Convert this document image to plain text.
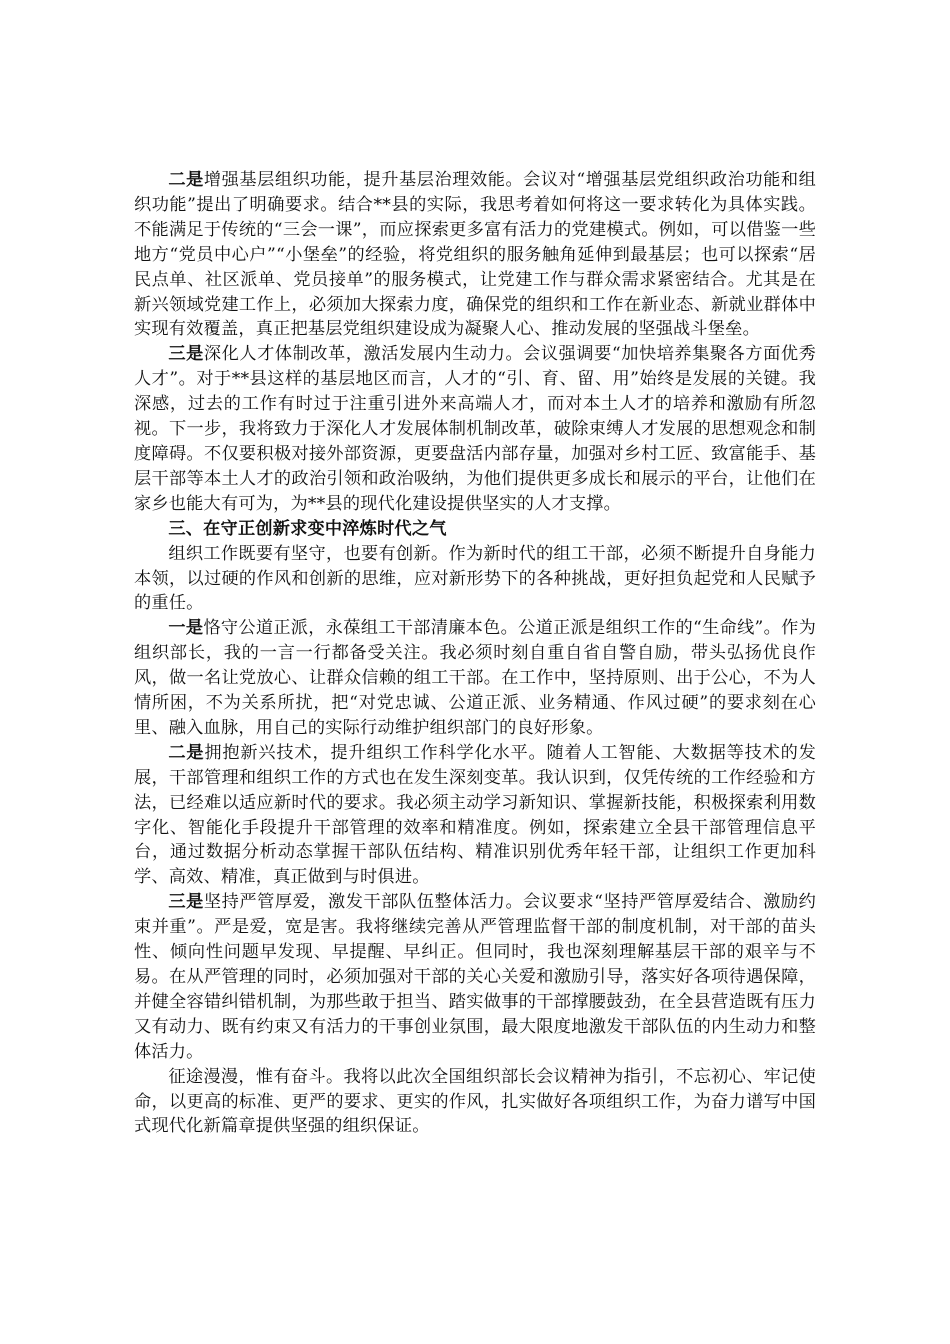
二是增强基层组织功能，提升基层治理效能。会议对“增强基层党组织政治功能和组织功能”提出了明确要求。结合**县的实际，我思考着如何将这一要求转化为具体实践。不能满足于传统的“三会一课”，而应探索更多富有活力的党建模式。例如，可以借鉴一些地方“党员中心户”“小堡垒”的经验，将党组织的服务触角延伸到最基层；也可以探索“居民点单、社区派单、党员接单”的服务模式，让党建工作与群众需求紧密结合。尤其是在新兴领域党建工作上，必须加大探索力度，确保党的组织和工作在新业态、新就业群体中实现有效覆盖，真正把基层党组织建设成为凝聚人心、推动发展的坚强战斗堡垒。

三是深化人才体制改革，激活发展内生动力。会议强调要“加快培养集聚各方面优秀人才”。对于**县这样的基层地区而言，人才的“引、育、留、用”始终是发展的关键。我深感，过去的工作有时过于注重引进外来高端人才，而对本土人才的培养和激励有所忽视。下一步，我将致力于深化人才发展体制机制改革，破除束缚人才发展的思想观念和制度障碍。不仅要积极对接外部资源，更要盘活内部存量，加强对乡村工匠、致富能手、基层干部等本土人才的政治引领和政治吸纳，为他们提供更多成长和展示的平台，让他们在家乡也能大有可为，为**县的现代化建设提供坚实的人才支撑。

三、在守正创新求变中淬炼时代之气

组织工作既要有坚守，也要有创新。作为新时代的组工干部，必须不断提升自身能力本领，以过硬的作风和创新的思维，应对新形势下的各种挑战，更好担负起党和人民赋予的重任。

一是恪守公道正派，永葆组工干部清廉本色。公道正派是组织工作的“生命线”。作为组织部长，我的一言一行都备受关注。我必须时刻自重自省自警自励，带头弘扬优良作风，做一名让党放心、让群众信赖的组工干部。在工作中，坚持原则、出于公心，不为人情所困，不为关系所扰，把“对党忠诚、公道正派、业务精通、作风过硬”的要求刻在心里、融入血脉，用自己的实际行动维护组织部门的良好形象。

二是拥抱新兴技术，提升组织工作科学化水平。随着人工智能、大数据等技术的发展，干部管理和组织工作的方式也在发生深刻变革。我认识到，仅凭传统的工作经验和方法，已经难以适应新时代的要求。我必须主动学习新知识、掌握新技能，积极探索利用数字化、智能化手段提升干部管理的效率和精准度。例如，探索建立全县干部管理信息平台，通过数据分析动态掌握干部队伍结构、精准识别优秀年轻干部，让组织工作更加科学、高效、精准，真正做到与时俱进。

三是坚持严管厚爱，激发干部队伍整体活力。会议要求“坚持严管厚爱结合、激励约束并重”。严是爱，宽是害。我将继续完善从严管理监督干部的制度机制，对干部的苗头性、倾向性问题早发现、早提醒、早纠正。但同时，我也深刻理解基层干部的艰辛与不易。在从严管理的同时，必须加强对干部的关心关爱和激励引导，落实好各项待遇保障，并健全容错纠错机制，为那些敢于担当、踏实做事的干部撑腰鼓劲，在全县营造既有压力又有动力、既有约束又有活力的干事创业氛围，最大限度地激发干部队伍的内生动力和整体活力。

征途漫漫，惟有奋斗。我将以此次全国组织部长会议精神为指引，不忘初心、牢记使命，以更高的标准、更严的要求、更实的作风，扎实做好各项组织工作，为奋力谱写中国式现代化新篇章提供坚强的组织保证。
